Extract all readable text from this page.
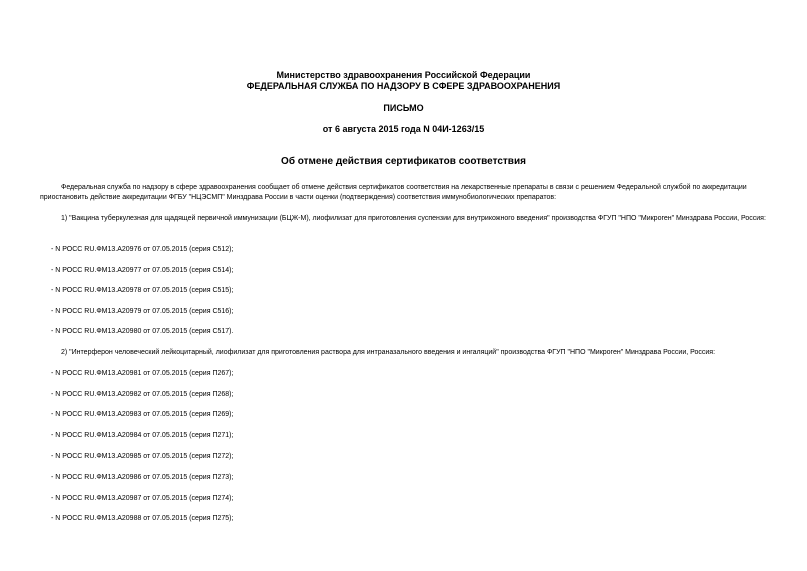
Министерство здравоохранения Российской Федерации
ФЕДЕРАЛЬНАЯ СЛУЖБА ПО НАДЗОРУ В СФЕРЕ ЗДРАВООХРАНЕНИЯ
ПИСЬМО
от 6 августа 2015 года N 04И-1263/15
Об отмене действия сертификатов соответствия
Федеральная служба по надзору в сфере здравоохранения сообщает об отмене действия сертификатов соответствия на лекарственные препараты в связи с решением Федеральной службой по аккредитации приостановить действие аккредитации ФГБУ "НЦЭСМП" Минздрава России в части оценки (подтверждения) соответствия иммунобиологических препаратов:
1) "Вакцина туберкулезная для щадящей первичной иммунизации (БЦЖ-М), лиофилизат для приготовления суспензии для внутрикожного введения" производства ФГУП "НПО "Микроген" Минздрава России, Россия:
- N РОСС RU.ФМ13.А20976 от 07.05.2015 (серия С512);
- N РОСС RU.ФМ13.А20977 от 07.05.2015 (серия С514);
- N РОСС RU.ФМ13.А20978 от 07.05.2015 (серия С515);
- N РОСС RU.ФМ13.А20979 от 07.05.2015 (серия С516);
- N РОСС RU.ФМ13.А20980 от 07.05.2015 (серия С517).
2) "Интерферон человеческий лейкоцитарный, лиофилизат для приготовления раствора для интраназального введения и ингаляций" производства ФГУП "НПО "Микроген" Минздрава России, Россия:
- N РОСС RU.ФМ13.А20981 от 07.05.2015 (серия П267);
- N РОСС RU.ФМ13.А20982 от 07.05.2015 (серия П268);
- N РОСС RU.ФМ13.А20983 от 07.05.2015 (серия П269);
- N РОСС RU.ФМ13.А20984 от 07.05.2015 (серия П271);
- N РОСС RU.ФМ13.А20985 от 07.05.2015 (серия П272);
- N РОСС RU.ФМ13.А20986 от 07.05.2015 (серия П273);
- N РОСС RU.ФМ13.А20987 от 07.05.2015 (серия П274);
- N РОСС RU.ФМ13.А20988 от 07.05.2015 (серия П275);
